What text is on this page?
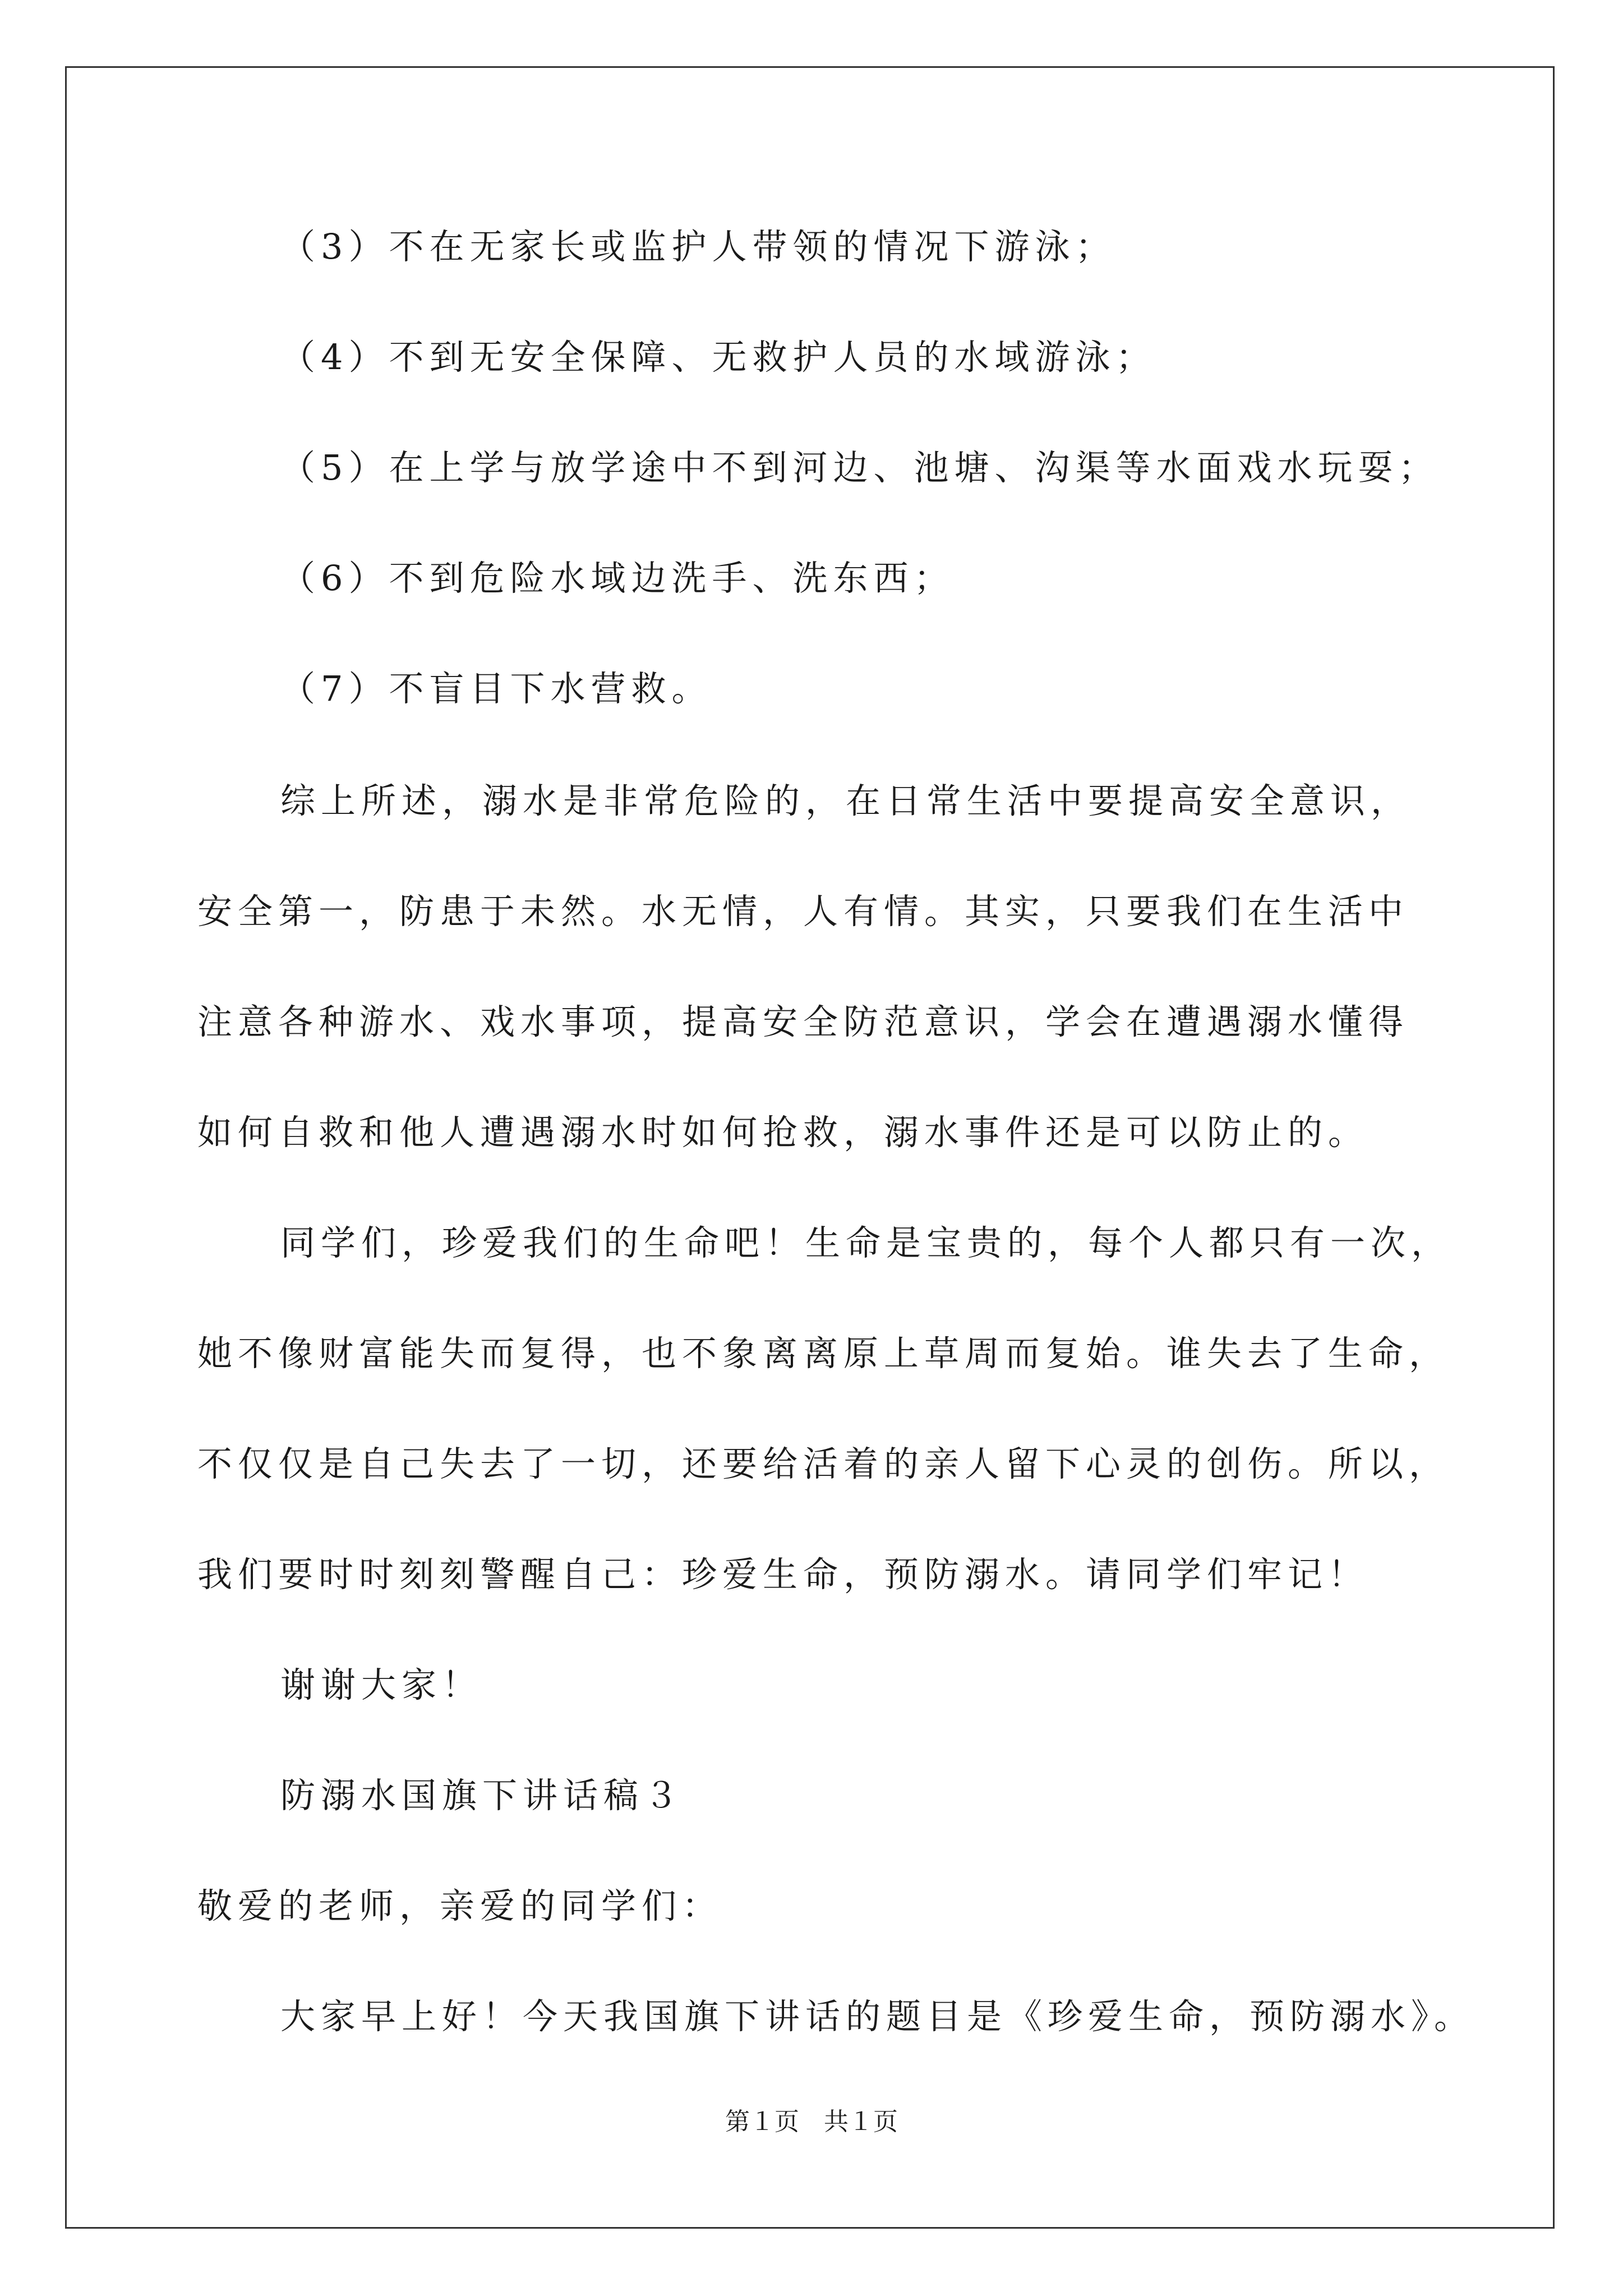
（3）不在无家长或监护人带领的情况下游泳；
（4）不到无安全保障、无救护人员的水域游泳；
（5）在上学与放学途中不到河边、池塘、沟渠等水面戏水玩耍；
（6）不到危险水域边洗手、洗东西；
（7）不盲目下水营救。
综上所述，溺水是非常危险的，在日常生活中要提高安全意识，
安全第一，防患于未然。水无情，人有情。其实，只要我们在生活中
注意各种游水、戏水事项，提高安全防范意识，学会在遭遇溺水懂得
如何自救和他人遭遇溺水时如何抢救，溺水事件还是可以防止的。
同学们，珍爱我们的生命吧！生命是宝贵的，每个人都只有一次，
她不像财富能失而复得，也不象离离原上草周而复始。谁失去了生命，
不仅仅是自己失去了一切，还要给活着的亲人留下心灵的创伤。所以，
我们要时时刻刻警醒自己：珍爱生命，预防溺水。请同学们牢记！
谢谢大家！
防溺水国旗下讲话稿３
敬爱的老师，亲爱的同学们：
大家早上好！今天我国旗下讲话的题目是《珍爱生命，预防溺水》。
第１页　共１页
